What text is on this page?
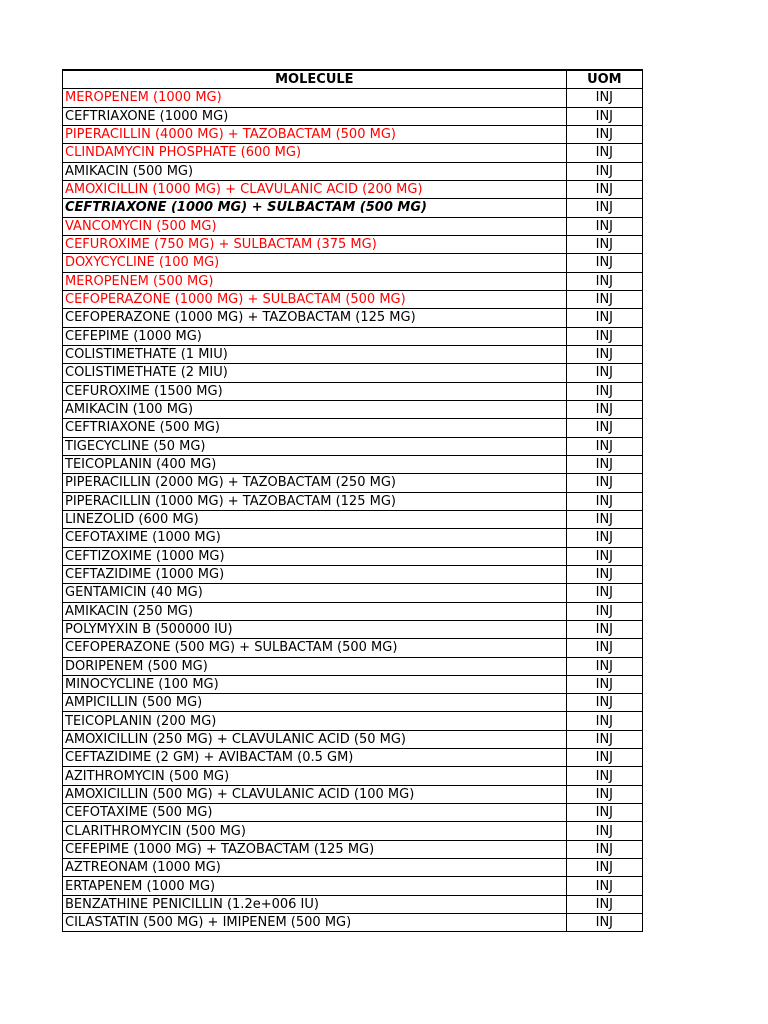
MOLECULE	UOM
MEROPENEM (1000 MG)	INJ
CEFTRIAXONE (1000 MG)	INJ
PIPERACILLIN (4000 MG) + TAZOBACTAM (500 MG)	INJ
CLINDAMYCIN PHOSPHATE (600 MG)	INJ
AMIKACIN (500 MG)	INJ
AMOXICILLIN (1000 MG) + CLAVULANIC ACID (200 MG)	INJ
CEFTRIAXONE (1000 MG) + SULBACTAM (500 MG)	INJ
VANCOMYCIN (500 MG)	INJ
CEFUROXIME (750 MG) + SULBACTAM (375 MG)	INJ
DOXYCYCLINE (100 MG)	INJ
MEROPENEM (500 MG)	INJ
CEFOPERAZONE (1000 MG) + SULBACTAM (500 MG)	INJ
CEFOPERAZONE (1000 MG) + TAZOBACTAM (125 MG)	INJ
CEFEPIME (1000 MG)	INJ
COLISTIMETHATE (1 MIU)	INJ
COLISTIMETHATE (2 MIU)	INJ
CEFUROXIME (1500 MG)	INJ
AMIKACIN (100 MG)	INJ
CEFTRIAXONE (500 MG)	INJ
TIGECYCLINE (50 MG)	INJ
TEICOPLANIN (400 MG)	INJ
PIPERACILLIN (2000 MG) + TAZOBACTAM (250 MG)	INJ
PIPERACILLIN (1000 MG) + TAZOBACTAM (125 MG)	INJ
LINEZOLID (600 MG)	INJ
CEFOTAXIME (1000 MG)	INJ
CEFTIZOXIME (1000 MG)	INJ
CEFTAZIDIME (1000 MG)	INJ
GENTAMICIN (40 MG)	INJ
AMIKACIN (250 MG)	INJ
POLYMYXIN B (500000 IU)	INJ
CEFOPERAZONE (500 MG) + SULBACTAM (500 MG)	INJ
DORIPENEM (500 MG)	INJ
MINOCYCLINE (100 MG)	INJ
AMPICILLIN (500 MG)	INJ
TEICOPLANIN (200 MG)	INJ
AMOXICILLIN (250 MG) + CLAVULANIC ACID (50 MG)	INJ
CEFTAZIDIME (2 GM) + AVIBACTAM (0.5 GM)	INJ
AZITHROMYCIN (500 MG)	INJ
AMOXICILLIN (500 MG) + CLAVULANIC ACID (100 MG)	INJ
CEFOTAXIME (500 MG)	INJ
CLARITHROMYCIN (500 MG)	INJ
CEFEPIME (1000 MG) + TAZOBACTAM (125 MG)	INJ
AZTREONAM (1000 MG)	INJ
ERTAPENEM (1000 MG)	INJ
BENZATHINE PENICILLIN (1.2e+006 IU)	INJ
CILASTATIN (500 MG) + IMIPENEM (500 MG)	INJ
